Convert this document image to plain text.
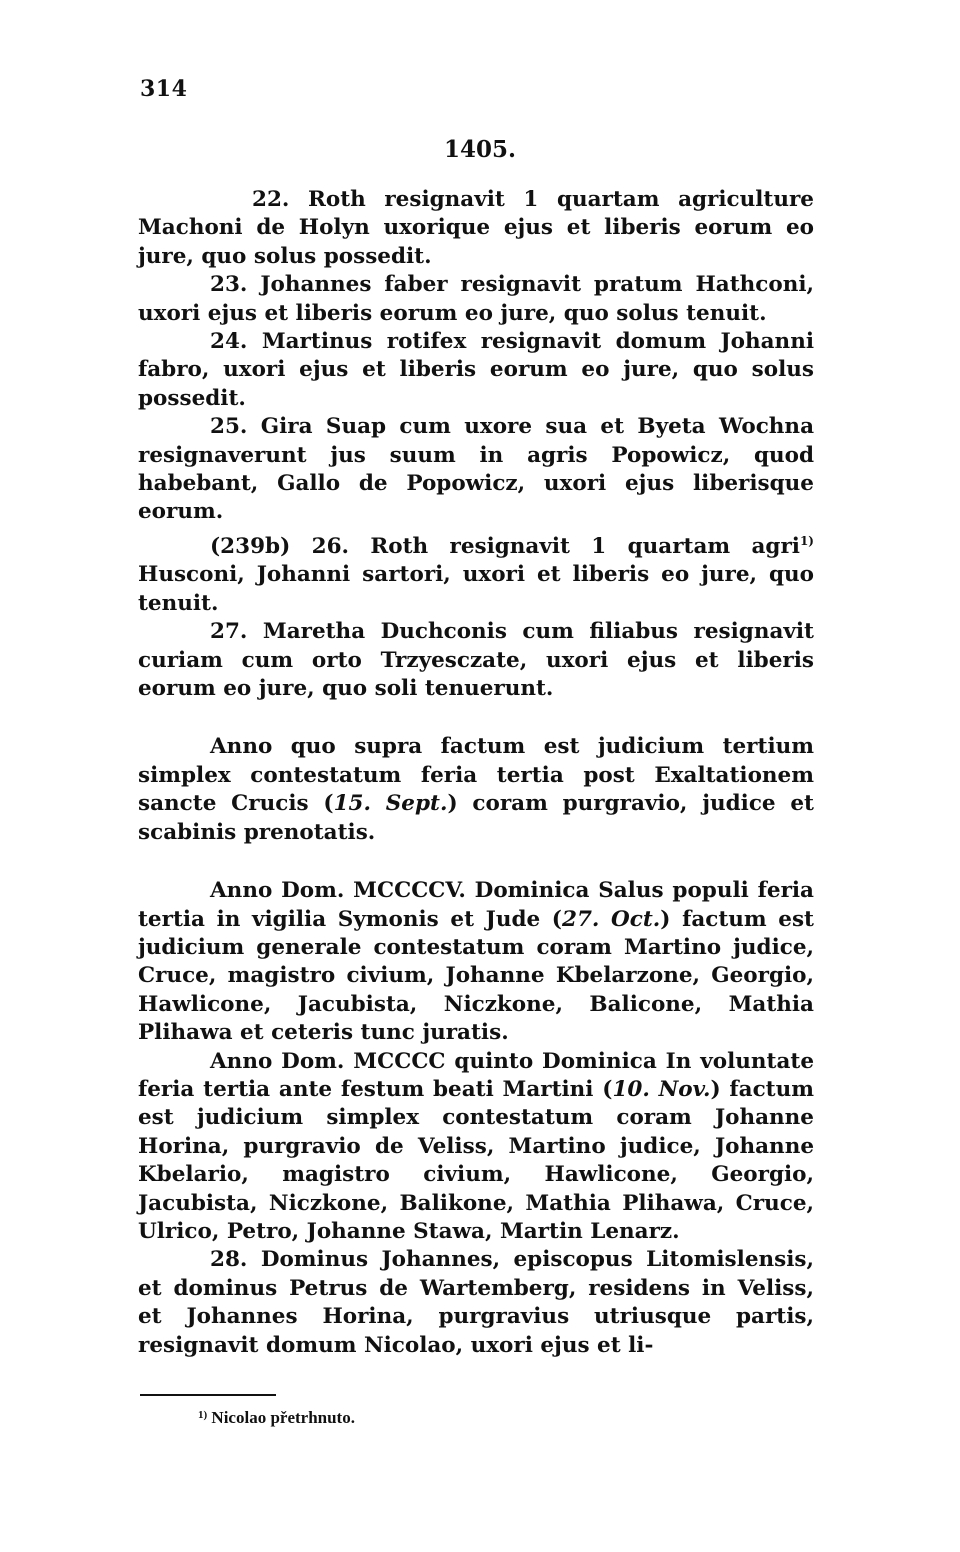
314
1405.

22. Roth resignavit 1 quartam agriculture Machoni de Holyn uxorique ejus et liberis eorum eo jure, quo solus possedit.

23. Johannes faber resignavit pratum Hathconi, uxori ejus et liberis eorum eo jure, quo solus tenuit.

24. Martinus rotifex resignavit domum Johanni fabro, uxori ejus et liberis eorum eo jure, quo solus possedit.

25. Gira Suap cum uxore sua et Byeta Wochna resignaverunt jus suum in agris Popowicz, quod habebant, Gallo de Popowicz, uxori ejus liberisque eorum.

(239b) 26. Roth resignavit 1 quartam agri$^{1)}$ Husconi, Johanni sartori, uxori et liberis eo jure, quo tenuit.

27. Maretha Duchconis cum filiabus resignavit curiam cum orto Trzyesczate, uxori ejus et liberis eorum eo jure, quo soli tenuerunt.

Anno quo supra factum est judicium tertium simplex contestatum feria tertia post Exaltationem sancte Crucis (15. Sept.) coram purgravio, judice et scabinis prenotatis.

Anno Dom. MCCCCV. Dominica Salus populi feria tertia in vigilia Symonis et Jude (27. Oct.) factum est judicium generale contestatum coram Martino judice, Cruce, magistro civium, Johanne Kbelarzone, Georgio, Hawlicone, Jacubista, Niczkone, Balicone, Mathia Plihawa et ceteris tunc juratis.

Anno Dom. MCCCC quinto Dominica In voluntate feria tertia ante festum beati Martini (10. Nov.) factum est judicium simplex contestatum coram Johanne Horina, purgravio de Veliss, Martino judice, Johanne Kbelario, magistro civium, Hawlicone, Georgio, Jacubista, Niczkone, Balikone, Mathia Plihawa, Cruce, Ulrico, Petro, Johanne Stawa, Martin Lenarz.

28. Dominus Johannes, episcopus Litomislensis, et dominus Petrus de Wartemberg, residens in Veliss, et Johannes Horina, purgravius utriusque partis, resignavit domum Nicolao, uxori ejus et li-

$^{1)}$ Nicolao přetrhnuto.
